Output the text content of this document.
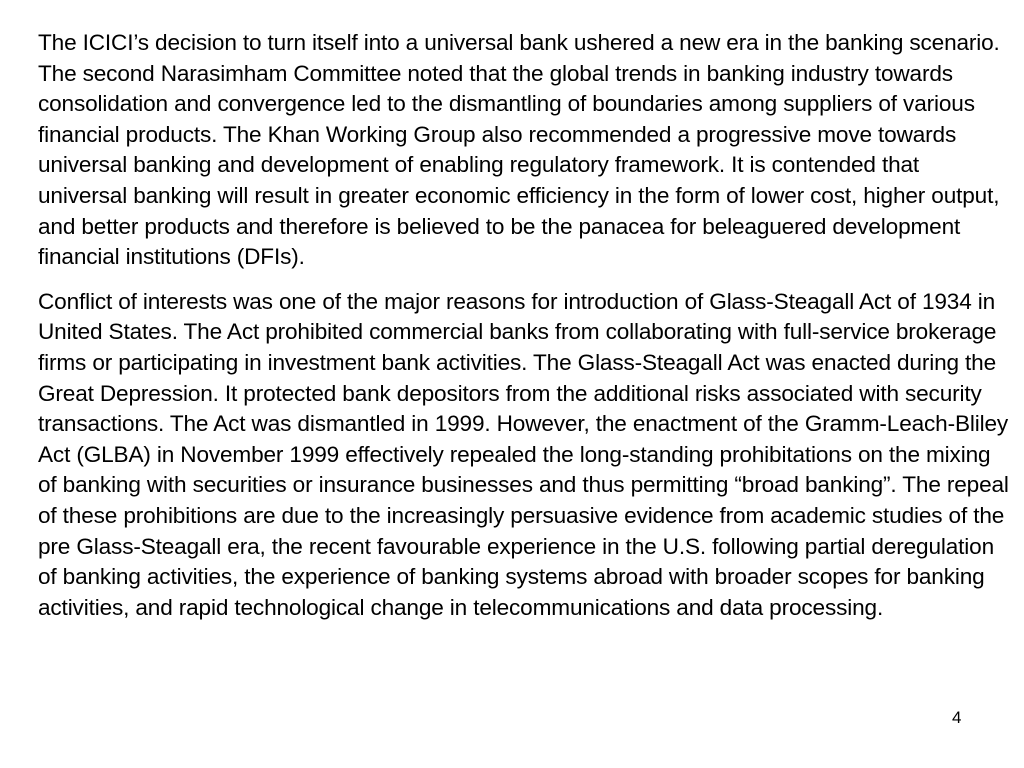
The ICICI’s decision to turn itself into a universal bank ushered a new era in the banking scenario. The second Narasimham Committee noted that the global trends in banking industry towards consolidation and convergence led to the dismantling of boundaries among suppliers of various financial products. The Khan Working Group also recommended a progressive move towards universal banking and development of enabling regulatory framework. It is contended that universal banking will result in greater economic efficiency in the form of lower cost, higher output, and better products and therefore is believed to be the panacea for beleaguered development financial institutions (DFIs).

Conflict of interests was one of the major reasons for introduction of Glass-Steagall Act of 1934 in United States. The Act prohibited commercial banks from collaborating with full-service brokerage firms or participating in investment bank activities. The Glass-Steagall Act was enacted during the Great Depression. It protected bank depositors from the additional risks associated with security transactions. The Act was dismantled in 1999. However, the enactment of the Gramm-Leach-Bliley Act (GLBA) in November 1999 effectively repealed the long-standing prohibitations on the mixing of banking with securities or insurance businesses and thus permitting “broad banking”. The repeal of these prohibitions are due to the increasingly persuasive evidence from academic studies of the pre Glass-Steagall era, the recent favourable experience in the U.S. following partial deregulation of banking activities, the experience of banking systems abroad with broader scopes for banking activities, and rapid technological change in telecommunications and data processing.

4
